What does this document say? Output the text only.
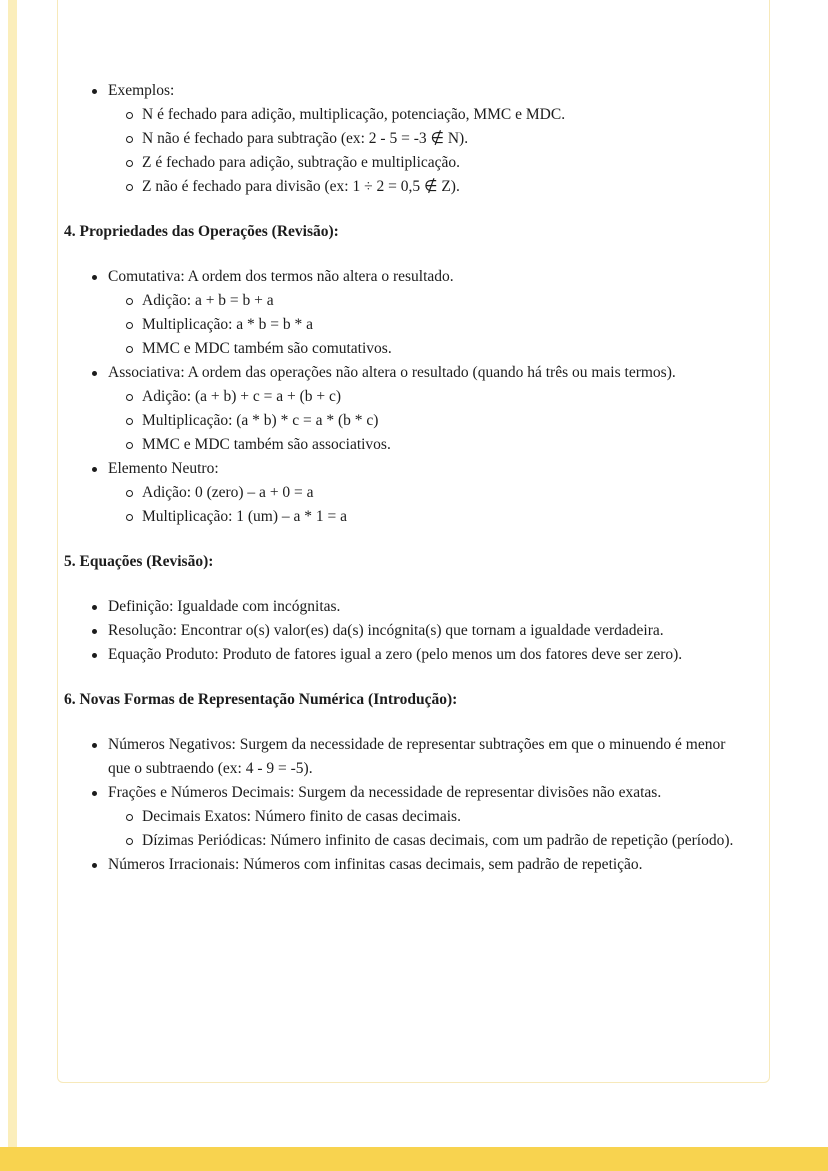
Exemplos:
N é fechado para adição, multiplicação, potenciação, MMC e MDC.
N não é fechado para subtração (ex: 2 - 5 = -3 ∉ N).
Z é fechado para adição, subtração e multiplicação.
Z não é fechado para divisão (ex: 1 ÷ 2 = 0,5 ∉ Z).
4. Propriedades das Operações (Revisão):
Comutativa: A ordem dos termos não altera o resultado.
Adição: a + b = b + a
Multiplicação: a * b = b * a
MMC e MDC também são comutativos.
Associativa: A ordem das operações não altera o resultado (quando há três ou mais termos).
Adição: (a + b) + c = a + (b + c)
Multiplicação: (a * b) * c = a * (b * c)
MMC e MDC também são associativos.
Elemento Neutro:
Adição: 0 (zero) – a + 0 = a
Multiplicação: 1 (um) – a * 1 = a
5. Equações (Revisão):
Definição: Igualdade com incógnitas.
Resolução: Encontrar o(s) valor(es) da(s) incógnita(s) que tornam a igualdade verdadeira.
Equação Produto: Produto de fatores igual a zero (pelo menos um dos fatores deve ser zero).
6. Novas Formas de Representação Numérica (Introdução):
Números Negativos: Surgem da necessidade de representar subtrações em que o minuendo é menor que o subtraendo (ex: 4 - 9 = -5).
Frações e Números Decimais: Surgem da necessidade de representar divisões não exatas.
Decimais Exatos: Número finito de casas decimais.
Dízimas Periódicas: Número infinito de casas decimais, com um padrão de repetição (período).
Números Irracionais: Números com infinitas casas decimais, sem padrão de repetição.
